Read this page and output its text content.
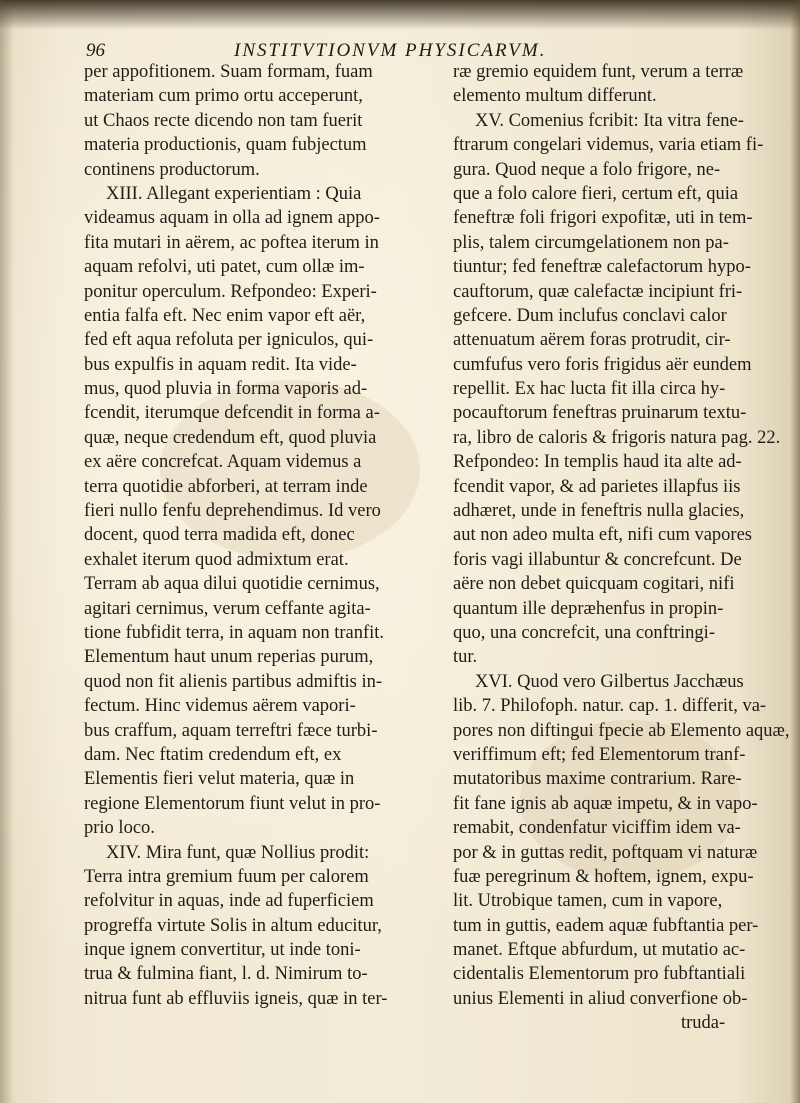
96	INSTITVTIONVM PHYSICARVM.
per appofitionem. Suam formam, fuam
materiam cum primo ortu acceperunt,
ut Chaos recte dicendo non tam fuerit
materia productionis, quam fubjectum
continens productorum.
XIII. Allegant experientiam : Quia
videamus aquam in olla ad ignem appo-
fita mutari in aërem, ac poftea iterum in
aquam refolvi, uti patet, cum ollæ im-
ponitur operculum. Refpondeo: Experi-
entia falfa eft. Nec enim vapor eft aër,
fed eft aqua refoluta per igniculos, qui-
bus expulfis in aquam redit. Ita vide-
mus, quod pluvia in forma vaporis ad-
fcendit, iterumque defcendit in forma a-
quæ, neque credendum eft, quod pluvia
ex aëre concrefcat. Aquam videmus a
terra quotidie abforberi, at terram inde
fieri nullo fenfu deprehendimus. Id vero
docent, quod terra madida eft, donec
exhalet iterum quod admixtum erat.
Terram ab aqua dilui quotidie cernimus,
agitari cernimus, verum ceffante agita-
tione fubfidit terra, in aquam non tranfit.
Elementum haut unum reperias purum,
quod non fit alienis partibus admiftis in-
fectum. Hinc videmus aërem vapori-
bus craffum, aquam terreftri fæce turbi-
dam. Nec ftatim credendum eft, ex
Elementis fieri velut materia, quæ in
regione Elementorum fiunt velut in pro-
prio loco.
XIV. Mira funt, quæ Nollius prodit:
Terra intra gremium fuum per calorem
refolvitur in aquas, inde ad fuperficiem
progreffa virtute Solis in altum educitur,
inque ignem convertitur, ut inde toni-
trua & fulmina fiant, l. d. Nimirum to-
nitrua funt ab effluviis igneis, quæ in ter-
ræ gremio equidem funt, verum a terræ
elemento multum differunt.
XV. Comenius fcribit: Ita vitra fene-
ftrarum congelari videmus, varia etiam fi-
gura. Quod neque a folo frigore, ne-
que a folo calore fieri, certum eft, quia
feneftræ foli frigori expofitæ, uti in tem-
plis, talem circumgelationem non pa-
tiuntur; fed feneftræ calefactorum hypo-
cauftorum, quæ calefactæ incipiunt fri-
gefcere. Dum inclufus conclavi calor
attenuatum aërem foras protrudit, cir-
cumfufus vero foris frigidus aër eundem
repellit. Ex hac lucta fit illa circa hy-
pocauftorum feneftras pruinarum textu-
ra, libro de caloris & frigoris natura pag. 22.
Refpondeo: In templis haud ita alte ad-
fcendit vapor, & ad parietes illapfus iis
adhæret, unde in feneftris nulla glacies,
aut non adeo multa eft, nifi cum vapores
foris vagi illabuntur & concrefcunt. De
aëre non debet quicquam cogitari, nifi
quantum ille depræhenfus in propin-
quo, una concrefcit, una conftringi-
tur.
XVI. Quod vero Gilbertus Jacchæus
lib. 7. Philofoph. natur. cap. 1. differit, va-
pores non diftingui fpecie ab Elemento aquæ,
veriffimum eft; fed Elementorum tranf-
mutatoribus maxime contrarium. Rare-
fit fane ignis ab aquæ impetu, & in vapo-
remabit, condenfatur viciffim idem va-
por & in guttas redit, poftquam vi naturæ
fuæ peregrinum & hoftem, ignem, expu-
lit. Utrobique tamen, cum in vapore,
tum in guttis, eadem aquæ fubftantia per-
manet. Eftque abfurdum, ut mutatio ac-
cidentalis Elementorum pro fubftantiali
unius Elementi in aliud converfione ob-
truda-
